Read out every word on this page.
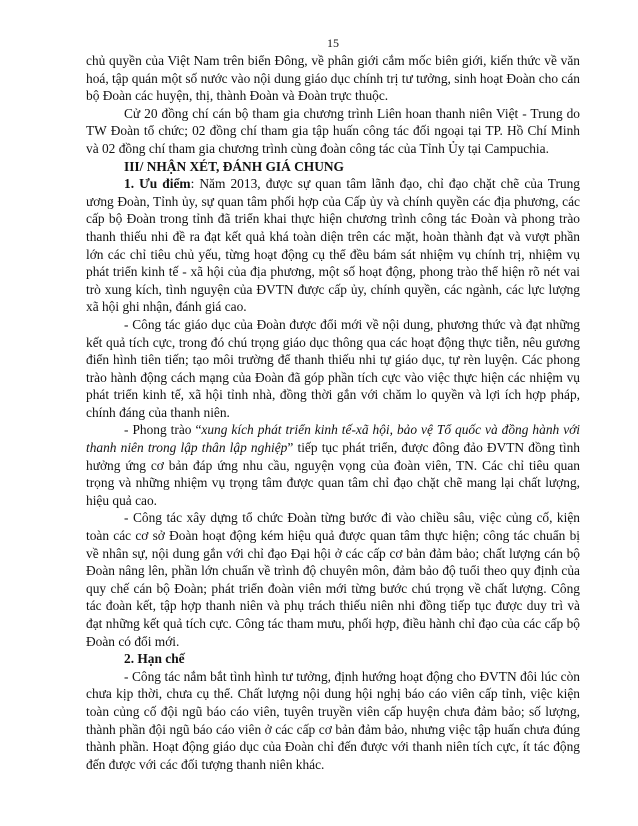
15

chủ quyền của Việt Nam trên biển Đông, về phân giới cắm mốc biên giới, kiến thức về văn hoá, tập quán một số nước vào nội dung giáo dục chính trị tư tưởng, sinh hoạt Đoàn cho cán bộ Đoàn các huyện, thị, thành Đoàn và Đoàn trực thuộc.

Cử 20 đồng chí cán bộ tham gia chương trình Liên hoan thanh niên Việt - Trung do TW Đoàn tổ chức; 02 đồng chí tham gia tập huấn công tác đối ngoại tại TP. Hồ Chí Minh và 02 đồng chí tham gia chương trình cùng đoàn công tác của Tỉnh Ủy tại Campuchia.

III/ NHẬN XÉT, ĐÁNH GIÁ CHUNG

1. Ưu điểm: Năm 2013, được sự quan tâm lãnh đạo, chỉ đạo chặt chẽ của Trung ương Đoàn, Tỉnh ủy, sự quan tâm phối hợp của Cấp ủy và chính quyền các địa phương, các cấp bộ Đoàn trong tỉnh đã triển khai thực hiện chương trình công tác Đoàn và phong trào thanh thiếu nhi đề ra đạt kết quả khá toàn diện trên các mặt, hoàn thành đạt và vượt phần lớn các chỉ tiêu chủ yếu, từng hoạt động cụ thể đều bám sát nhiệm vụ chính trị, nhiệm vụ phát triển kinh tế - xã hội của địa phương, một số hoạt động, phong trào thể hiện rõ nét vai trò xung kích, tình nguyện của ĐVTN được cấp ủy, chính quyền, các ngành, các lực lượng xã hội ghi nhận, đánh giá cao.

- Công tác giáo dục của Đoàn được đổi mới về nội dung, phương thức và đạt những kết quả tích cực, trong đó chú trọng giáo dục thông qua các hoạt động thực tiễn, nêu gương điển hình tiên tiến; tạo môi trường để thanh thiếu nhi tự giáo dục, tự rèn luyện. Các phong trào hành động cách mạng của Đoàn đã góp phần tích cực vào việc thực hiện các nhiệm vụ phát triển kinh tế, xã hội tỉnh nhà, đồng thời gắn với chăm lo quyền và lợi ích hợp pháp, chính đáng của thanh niên.

- Phong trào “xung kích phát triển kinh tế-xã hội, bảo vệ Tổ quốc và đồng hành với thanh niên trong lập thân lập nghiệp” tiếp tục phát triển, được đông đảo ĐVTN đồng tình hưởng ứng cơ bản đáp ứng nhu cầu, nguyện vọng của đoàn viên, TN. Các chỉ tiêu quan trọng và những nhiệm vụ trọng tâm được quan tâm chỉ đạo chặt chẽ mang lại chất lượng, hiệu quả cao.

- Công tác xây dựng tổ chức Đoàn từng bước đi vào chiều sâu, việc củng cố, kiện toàn các cơ sở Đoàn hoạt động kém hiệu quả được quan tâm thực hiện; công tác chuẩn bị về nhân sự, nội dung gắn với chỉ đạo Đại hội ở các cấp cơ bản đảm bảo; chất lượng cán bộ Đoàn nâng lên, phần lớn chuẩn về trình độ chuyên môn, đảm bảo độ tuổi theo quy định của quy chế cán bộ Đoàn; phát triển đoàn viên mới từng bước chú trọng về chất lượng. Công tác đoàn kết, tập hợp thanh niên và phụ trách thiếu niên nhi đồng tiếp tục được duy trì và đạt những kết quả tích cực. Công tác tham mưu, phối hợp, điều hành chỉ đạo của các cấp bộ Đoàn có đổi mới.

2. Hạn chế

- Công tác nắm bắt tình hình tư tưởng, định hướng hoạt động cho ĐVTN đôi lúc còn chưa kịp thời, chưa cụ thể. Chất lượng nội dung hội nghị báo cáo viên cấp tỉnh, việc kiện toàn củng cố đội ngũ báo cáo viên, tuyên truyền viên cấp huyện chưa đảm bảo; số lượng, thành phần đội ngũ báo cáo viên ở các cấp cơ bản đảm bảo, nhưng việc tập huấn chưa đúng thành phần. Hoạt động giáo dục của Đoàn chỉ đến được với thanh niên tích cực, ít tác động đến được với các đối tượng thanh niên khác.
